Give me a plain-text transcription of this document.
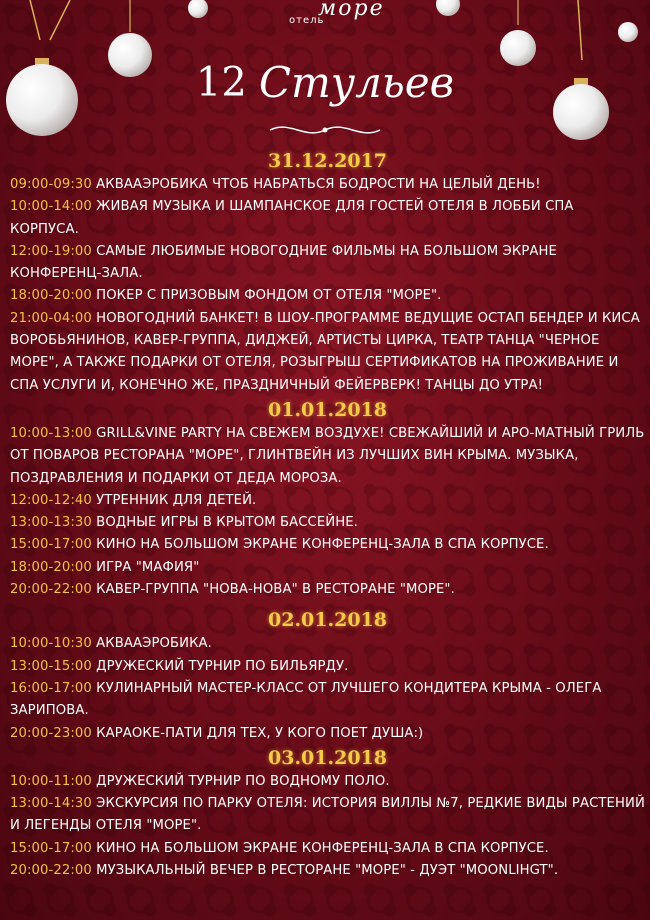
отель
море
12 Стульев
31.12.2017
09:00-09:30 АКВААЭРОБИКА ЧТОБ НАБРАТЬСЯ БОДРОСТИ НА ЦЕЛЫЙ ДЕНЬ!
10:00-14:00 ЖИВАЯ МУЗЫКА И ШАМПАНСКОЕ ДЛЯ ГОСТЕЙ ОТЕЛЯ В ЛОББИ СПА КОРПУСА.
12:00-19:00 САМЫЕ ЛЮБИМЫЕ НОВОГОДНИЕ ФИЛЬМЫ НА БОЛЬШОМ ЭКРАНЕ КОНФЕРЕНЦ-ЗАЛА.
18:00-20:00 ПОКЕР С ПРИЗОВЫМ ФОНДОМ ОТ ОТЕЛЯ "МОРЕ".
21:00-04:00 НОВОГОДНИЙ БАНКЕТ! В ШОУ-ПРОГРАММЕ ВЕДУЩИЕ ОСТАП БЕНДЕР И КИСА ВОРОБЬЯНИНОВ, КАВЕР-ГРУППА, ДИДЖЕЙ, АРТИСТЫ ЦИРКА, ТЕАТР ТАНЦА "ЧЕРНОЕ МОРЕ", А ТАКЖЕ ПОДАРКИ ОТ ОТЕЛЯ, РОЗЫГРЫШ СЕРТИФИКАТОВ НА ПРОЖИВАНИЕ И СПА УСЛУГИ И, КОНЕЧНО ЖЕ, ПРАЗДНИЧНЫЙ ФЕЙЕРВЕРК! ТАНЦЫ ДО УТРА!
01.01.2018
10:00-13:00 GRILL&VINE PARTY НА СВЕЖЕМ ВОЗДУХЕ! СВЕЖАЙШИЙ И АРО-МАТНЫЙ ГРИЛЬ ОТ ПОВАРОВ РЕСТОРАНА "МОРЕ", ГЛИНТВЕЙН ИЗ ЛУЧШИХ ВИН КРЫМА. МУЗЫКА, ПОЗДРАВЛЕНИЯ И ПОДАРКИ ОТ ДЕДА МОРОЗА.
12:00-12:40 УТРЕННИК ДЛЯ ДЕТЕЙ.
13:00-13:30 ВОДНЫЕ ИГРЫ В КРЫТОМ БАССЕЙНЕ.
15:00-17:00 КИНО НА БОЛЬШОМ ЭКРАНЕ КОНФЕРЕНЦ-ЗАЛА В СПА КОРПУСЕ.
18:00-20:00 ИГРА "МАФИЯ"
20:00-22:00 КАВЕР-ГРУППА "НОВА-НОВА" В РЕСТОРАНЕ "МОРЕ".
02.01.2018
10:00-10:30 АКВААЭРОБИКА.
13:00-15:00 ДРУЖЕСКИЙ ТУРНИР ПО БИЛЬЯРДУ.
16:00-17:00 КУЛИНАРНЫЙ МАСТЕР-КЛАСС ОТ ЛУЧШЕГО КОНДИТЕРА КРЫМА - ОЛЕГА ЗАРИПОВА.
20:00-23:00 КАРАОКЕ-ПАТИ ДЛЯ ТЕХ, У КОГО ПОЕТ ДУША:)
03.01.2018
10:00-11:00 ДРУЖЕСКИЙ ТУРНИР ПО ВОДНОМУ ПОЛО.
13:00-14:30 ЭКСКУРСИЯ ПО ПАРКУ ОТЕЛЯ: ИСТОРИЯ ВИЛЛЫ №7, РЕДКИЕ ВИДЫ РАСТЕНИЙ И ЛЕГЕНДЫ ОТЕЛЯ "МОРЕ".
15:00-17:00 КИНО НА БОЛЬШОМ ЭКРАНЕ КОНФЕРЕНЦ-ЗАЛА В СПА КОРПУСЕ.
20:00-22:00 МУЗЫКАЛЬНЫЙ ВЕЧЕР В РЕСТОРАНЕ "МОРЕ" - ДУЭТ "MOONLIHGT".
